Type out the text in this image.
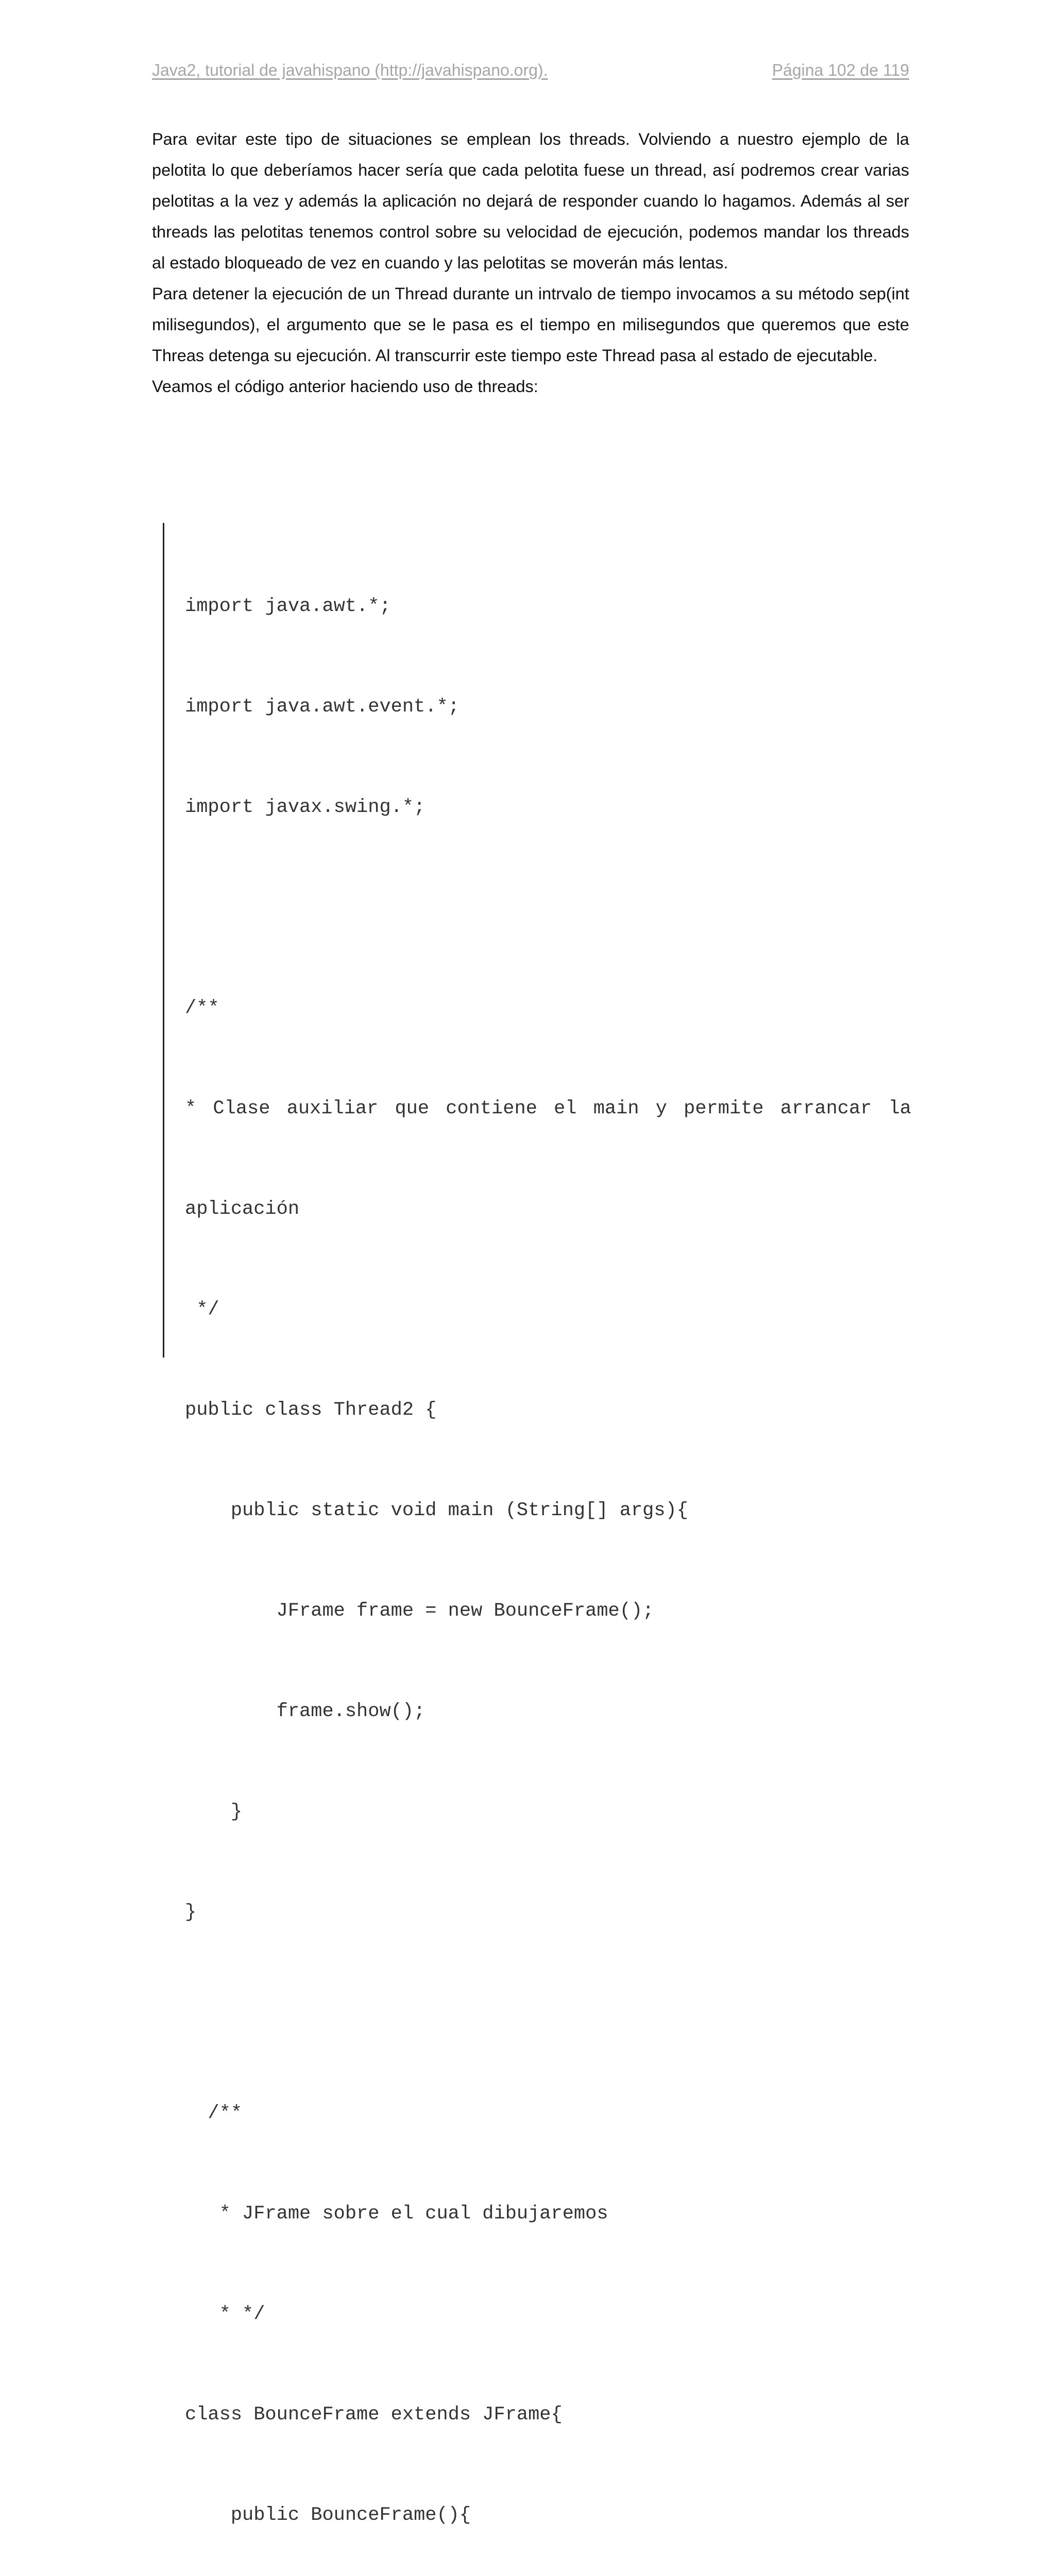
Java2, tutorial de javahispano (http://javahispano.org).	Página 102 de 119

Para evitar este tipo de situaciones se emplean los threads. Volviendo a nuestro ejemplo de la pelotita lo que deberíamos hacer sería que cada pelotita fuese un thread, así podremos crear varias pelotitas a la vez y además la aplicación no dejará de responder cuando lo hagamos. Además al ser threads las pelotitas tenemos control sobre su velocidad de ejecución, podemos mandar los threads al estado bloqueado de vez en cuando y las pelotitas se moverán más lentas.

Para detener la ejecución de un Thread durante un intrvalo de tiempo invocamos a su método sep(int milisegundos), el argumento que se le pasa es el tiempo en milisegundos que queremos que este Threas detenga su ejecución. Al transcurrir este tiempo este Thread pasa al estado de ejecutable.

Veamos el código anterior haciendo uso de threads:

import java.awt.*;

import java.awt.event.*;

import javax.swing.*;

/**

* Clase auxiliar que contiene el main y permite arrancar la

aplicación

*/

public class Thread2 {

public static void main (String[] args){

JFrame frame = new BounceFrame();

frame.show();

}

}

/**

* JFrame sobre el cual dibujaremos

* */

class BounceFrame extends JFrame{

public BounceFrame(){
